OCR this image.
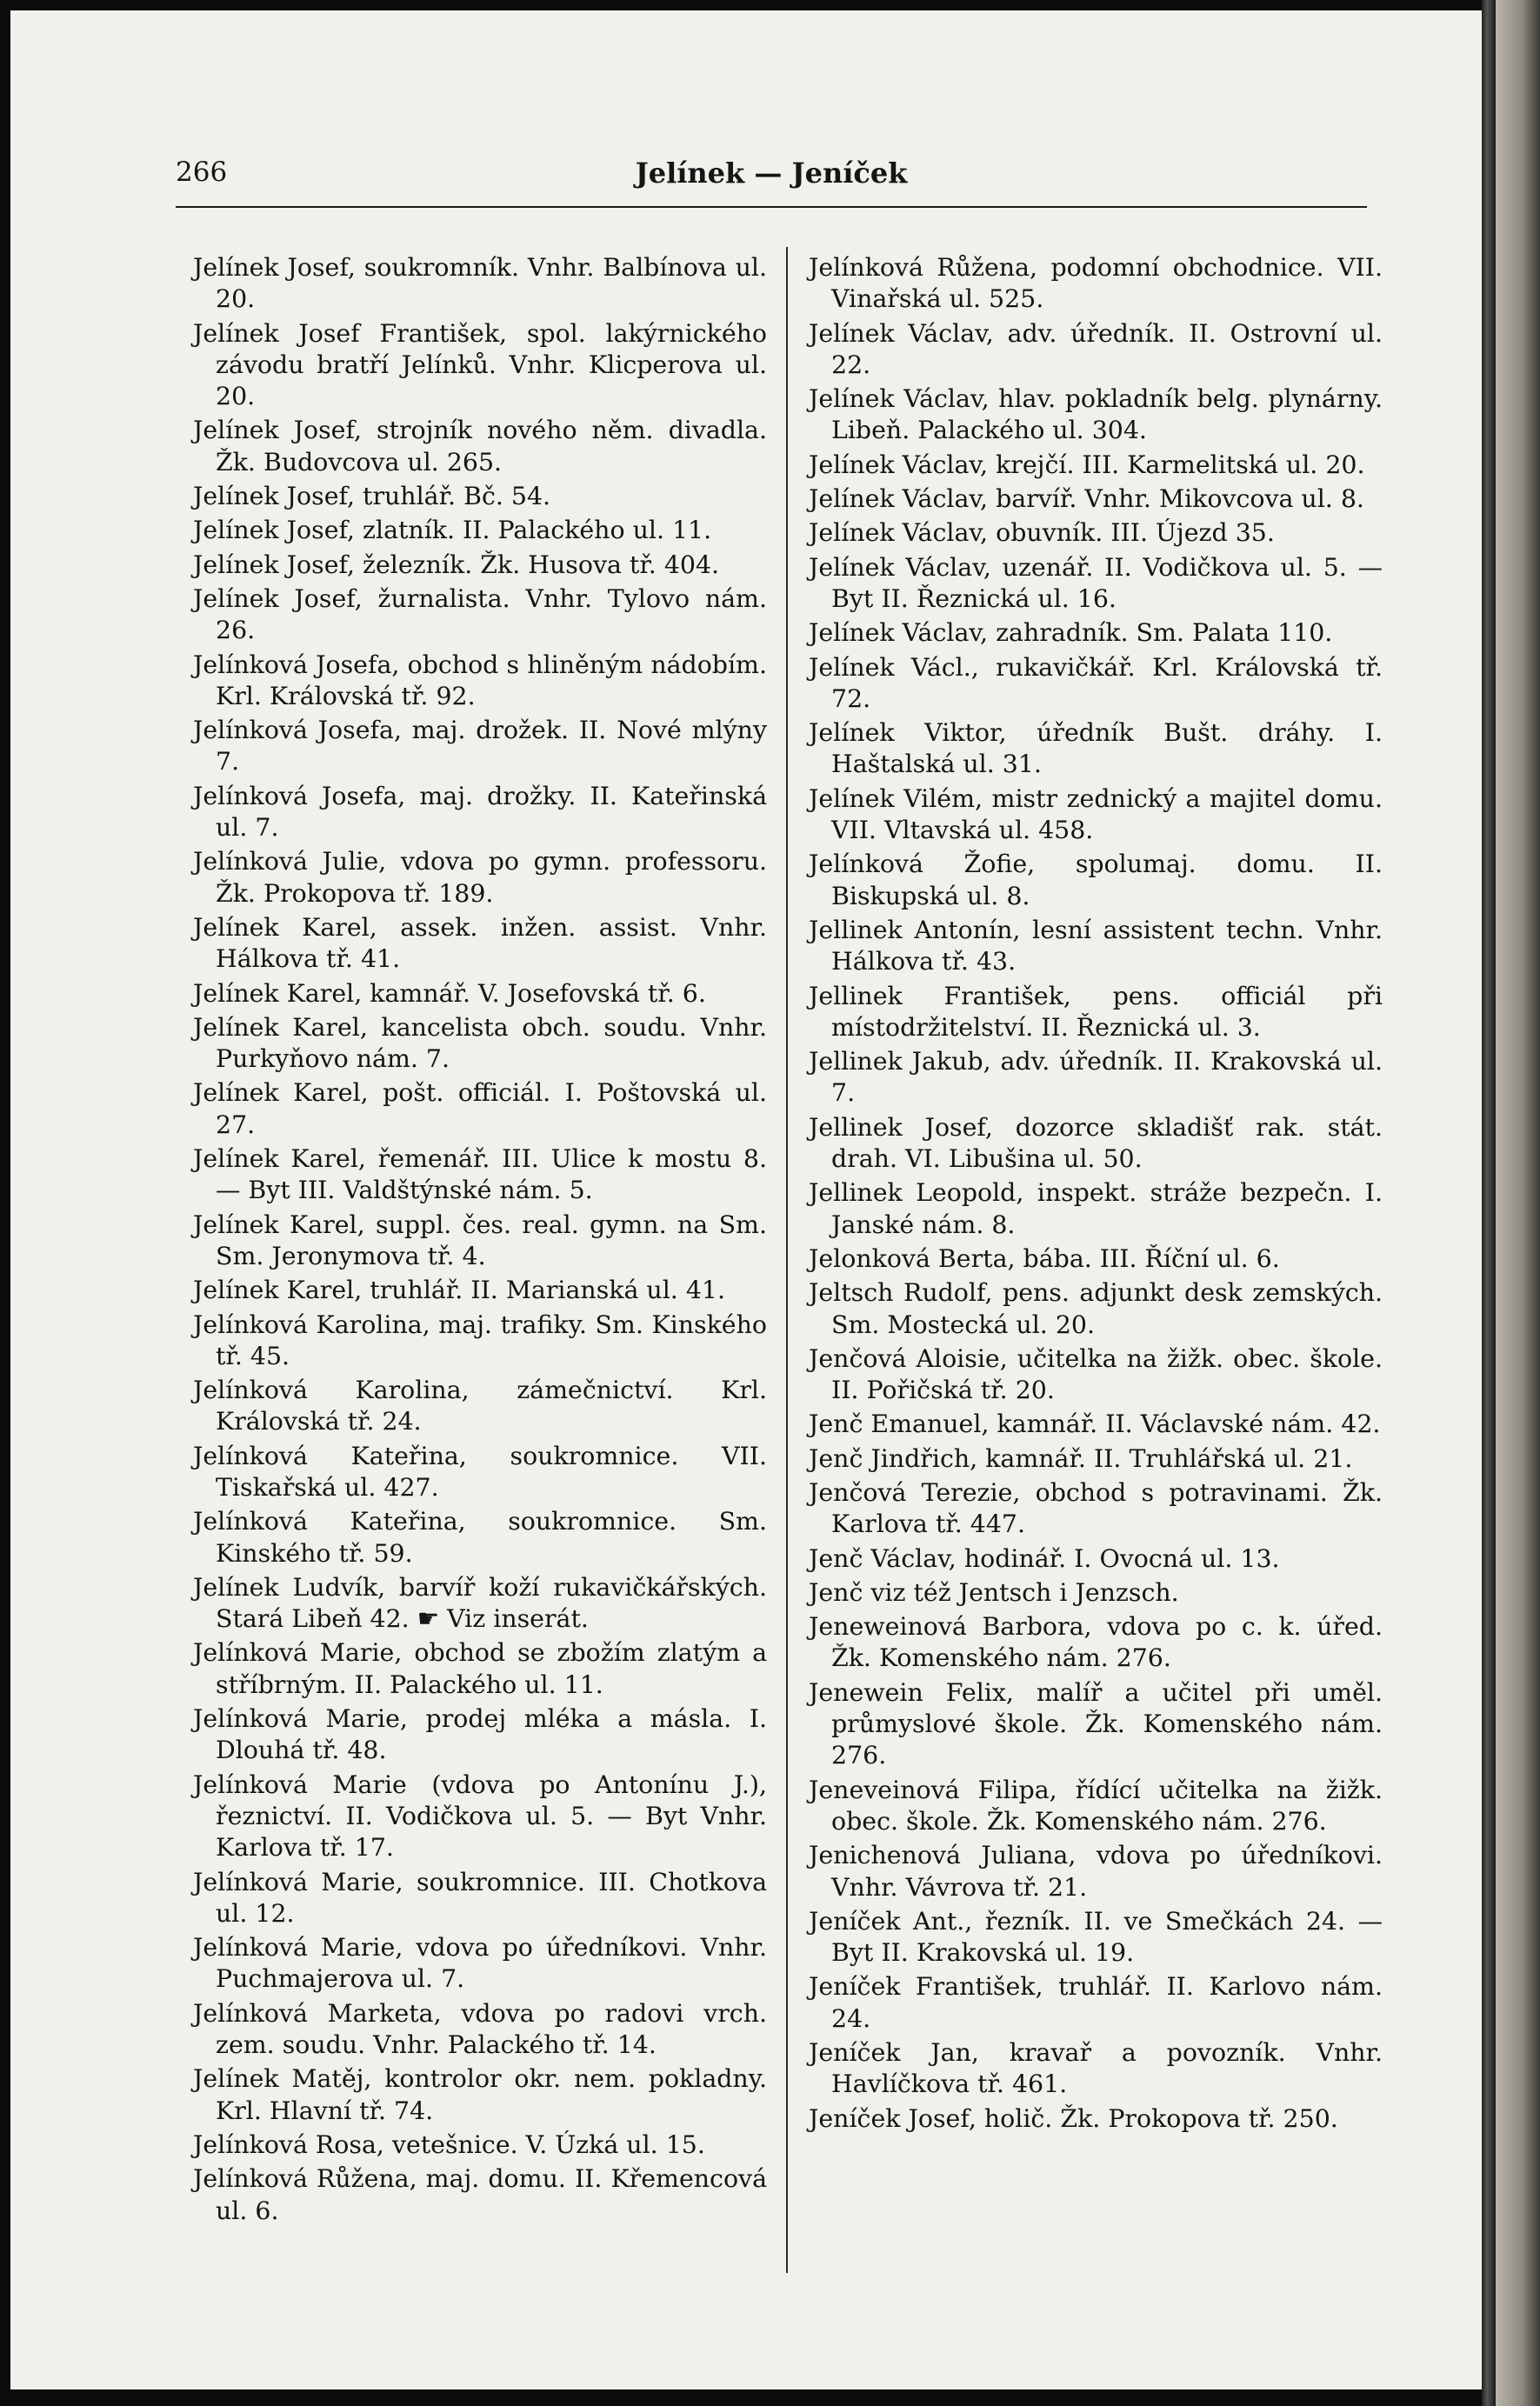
266	Jelínek — Jeníček

Jelínek Josef, soukromník. Vnhr. Balbínova ul. 20.

Jelínek Josef František, spol. lakýrnického závodu bratří Jelínků. Vnhr. Klicperova ul. 20.

Jelínek Josef, strojník nového něm. divadla. Žk. Budovcova ul. 265.

Jelínek Josef, truhlář. Bč. 54.

Jelínek Josef, zlatník. II. Palackého ul. 11.

Jelínek Josef, železník. Žk. Husova tř. 404.

Jelínek Josef, žurnalista. Vnhr. Tylovo nám. 26.

Jelínková Josefa, obchod s hliněným nádobím. Krl. Královská tř. 92.

Jelínková Josefa, maj. drožek. II. Nové mlýny 7.

Jelínková Josefa, maj. drožky. II. Kateřinská ul. 7.

Jelínková Julie, vdova po gymn. professoru. Žk. Prokopova tř. 189.

Jelínek Karel, assek. inžen. assist. Vnhr. Hálkova tř. 41.

Jelínek Karel, kamnář. V. Josefovská tř. 6.

Jelínek Karel, kancelista obch. soudu. Vnhr. Purkyňovo nám. 7.

Jelínek Karel, pošt. officiál. I. Poštovská ul. 27.

Jelínek Karel, řemenář. III. Ulice k mostu 8. — Byt III. Valdštýnské nám. 5.

Jelínek Karel, suppl. čes. real. gymn. na Sm. Sm. Jeronymova tř. 4.

Jelínek Karel, truhlář. II. Marianská ul. 41.

Jelínková Karolina, maj. trafiky. Sm. Kinského tř. 45.

Jelínková Karolina, zámečnictví. Krl. Královská tř. 24.

Jelínková Kateřina, soukromnice. VII. Tiskařská ul. 427.

Jelínková Kateřina, soukromnice. Sm. Kinského tř. 59.

Jelínek Ludvík, barvíř koží rukavičkářských. Stará Libeň 42. ☛ Viz inserát.

Jelínková Marie, obchod se zbožím zlatým a stříbrným. II. Palackého ul. 11.

Jelínková Marie, prodej mléka a másla. I. Dlouhá tř. 48.

Jelínková Marie (vdova po Antonínu J.), řeznictví. II. Vodičkova ul. 5. — Byt Vnhr. Karlova tř. 17.

Jelínková Marie, soukromnice. III. Chotkova ul. 12.

Jelínková Marie, vdova po úředníkovi. Vnhr. Puchmajerova ul. 7.

Jelínková Marketa, vdova po radovi vrch. zem. soudu. Vnhr. Palackého tř. 14.

Jelínek Matěj, kontrolor okr. nem. pokladny. Krl. Hlavní tř. 74.

Jelínková Rosa, vetešnice. V. Úzká ul. 15.

Jelínková Růžena, maj. domu. II. Křemencová ul. 6.

Jelínková Růžena, podomní obchodnice. VII. Vinařská ul. 525.

Jelínek Václav, adv. úředník. II. Ostrovní ul. 22.

Jelínek Václav, hlav. pokladník belg. plynárny. Libeň. Palackého ul. 304.

Jelínek Václav, krejčí. III. Karmelitská ul. 20.

Jelínek Václav, barvíř. Vnhr. Mikovcova ul. 8.

Jelínek Václav, obuvník. III. Újezd 35.

Jelínek Václav, uzenář. II. Vodičkova ul. 5. — Byt II. Řeznická ul. 16.

Jelínek Václav, zahradník. Sm. Palata 110.

Jelínek Václ., rukavičkář. Krl. Královská tř. 72.

Jelínek Viktor, úředník Bušt. dráhy. I. Haštalská ul. 31.

Jelínek Vilém, mistr zednický a majitel domu. VII. Vltavská ul. 458.

Jelínková Žofie, spolumaj. domu. II. Biskupská ul. 8.

Jellinek Antonín, lesní assistent techn. Vnhr. Hálkova tř. 43.

Jellinek František, pens. officiál při místodržitelství. II. Řeznická ul. 3.

Jellinek Jakub, adv. úředník. II. Krakovská ul. 7.

Jellinek Josef, dozorce skladišť rak. stát. drah. VI. Libušina ul. 50.

Jellinek Leopold, inspekt. stráže bezpečn. I. Janské nám. 8.

Jelonková Berta, bába. III. Říční ul. 6.

Jeltsch Rudolf, pens. adjunkt desk zemských. Sm. Mostecká ul. 20.

Jenčová Aloisie, učitelka na žižk. obec. škole. II. Pořičská tř. 20.

Jenč Emanuel, kamnář. II. Václavské nám. 42.

Jenč Jindřich, kamnář. II. Truhlářská ul. 21.

Jenčová Terezie, obchod s potravinami. Žk. Karlova tř. 447.

Jenč Václav, hodinář. I. Ovocná ul. 13.

Jenč viz též Jentsch i Jenzsch.

Jeneweinová Barbora, vdova po c. k. úřed. Žk. Komenského nám. 276.

Jenewein Felix, malíř a učitel při uměl. průmyslové škole. Žk. Komenského nám. 276.

Jeneveinová Filipa, řídící učitelka na žižk. obec. škole. Žk. Komenského nám. 276.

Jenichenová Juliana, vdova po úředníkovi. Vnhr. Vávrova tř. 21.

Jeníček Ant., řezník. II. ve Smečkách 24. — Byt II. Krakovská ul. 19.

Jeníček František, truhlář. II. Karlovo nám. 24.

Jeníček Jan, kravař a povozník. Vnhr. Havlíčkova tř. 461.

Jeníček Josef, holič. Žk. Prokopova tř. 250.
